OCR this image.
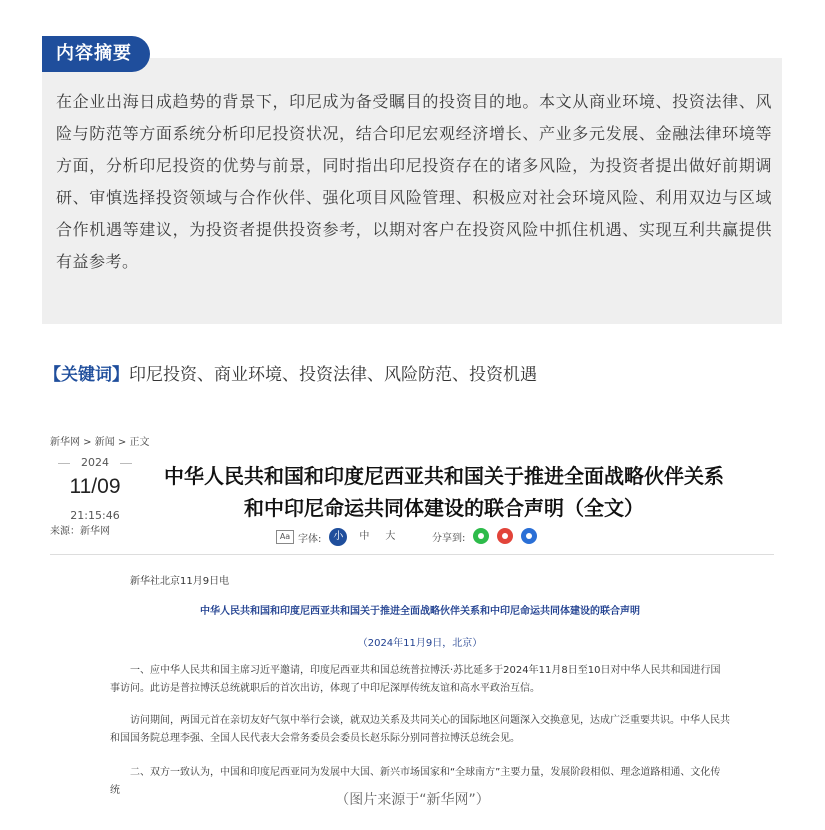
内容摘要

在企业出海日成趋势的背景下，印尼成为备受瞩目的投资目的地。本文从商业环境、投资法律、风险与防范等方面系统分析印尼投资状况，结合印尼宏观经济增长、产业多元发展、金融法律环境等方面，分析印尼投资的优势与前景，同时指出印尼投资存在的诸多风险，为投资者提出做好前期调研、审慎选择投资领域与合作伙伴、强化项目风险管理、积极应对社会环境风险、利用双边与区域合作机遇等建议，为投资者提供投资参考，以期对客户在投资风险中抓住机遇、实现互利共赢提供有益参考。

【关键词】印尼投资、商业环境、投资法律、风险防范、投资机遇
新华网 > 新闻 > 正文
2024
11/09
21:15:46
来源：新华网
中华人民共和国和印度尼西亚共和国关于推进全面战略伙伴关系
和中印尼命运共同体建设的联合声明（全文）
Aa 字体:	小	中	大	分享到:
新华社北京11月9日电
中华人民共和国和印度尼西亚共和国关于推进全面战略伙伴关系和中印尼命运共同体建设的联合声明
（2024年11月9日，北京）

一、应中华人民共和国主席习近平邀请，印度尼西亚共和国总统普拉博沃·苏比延多于2024年11月8日至10日对中华人民共和国进行国事访问。此访是普拉博沃总统就职后的首次出访，体现了中印尼深厚传统友谊和高水平政治互信。

访问期间，两国元首在亲切友好气氛中举行会谈，就双边关系及共同关心的国际地区问题深入交换意见，达成广泛重要共识。中华人民共和国国务院总理李强、全国人民代表大会常务委员会委员长赵乐际分别同普拉博沃总统会见。

二、双方一致认为，中国和印度尼西亚同为发展中大国、新兴市场国家和“全球南方”主要力量，发展阶段相似、理念道路相通、文化传统

（图片来源于“新华网”）
